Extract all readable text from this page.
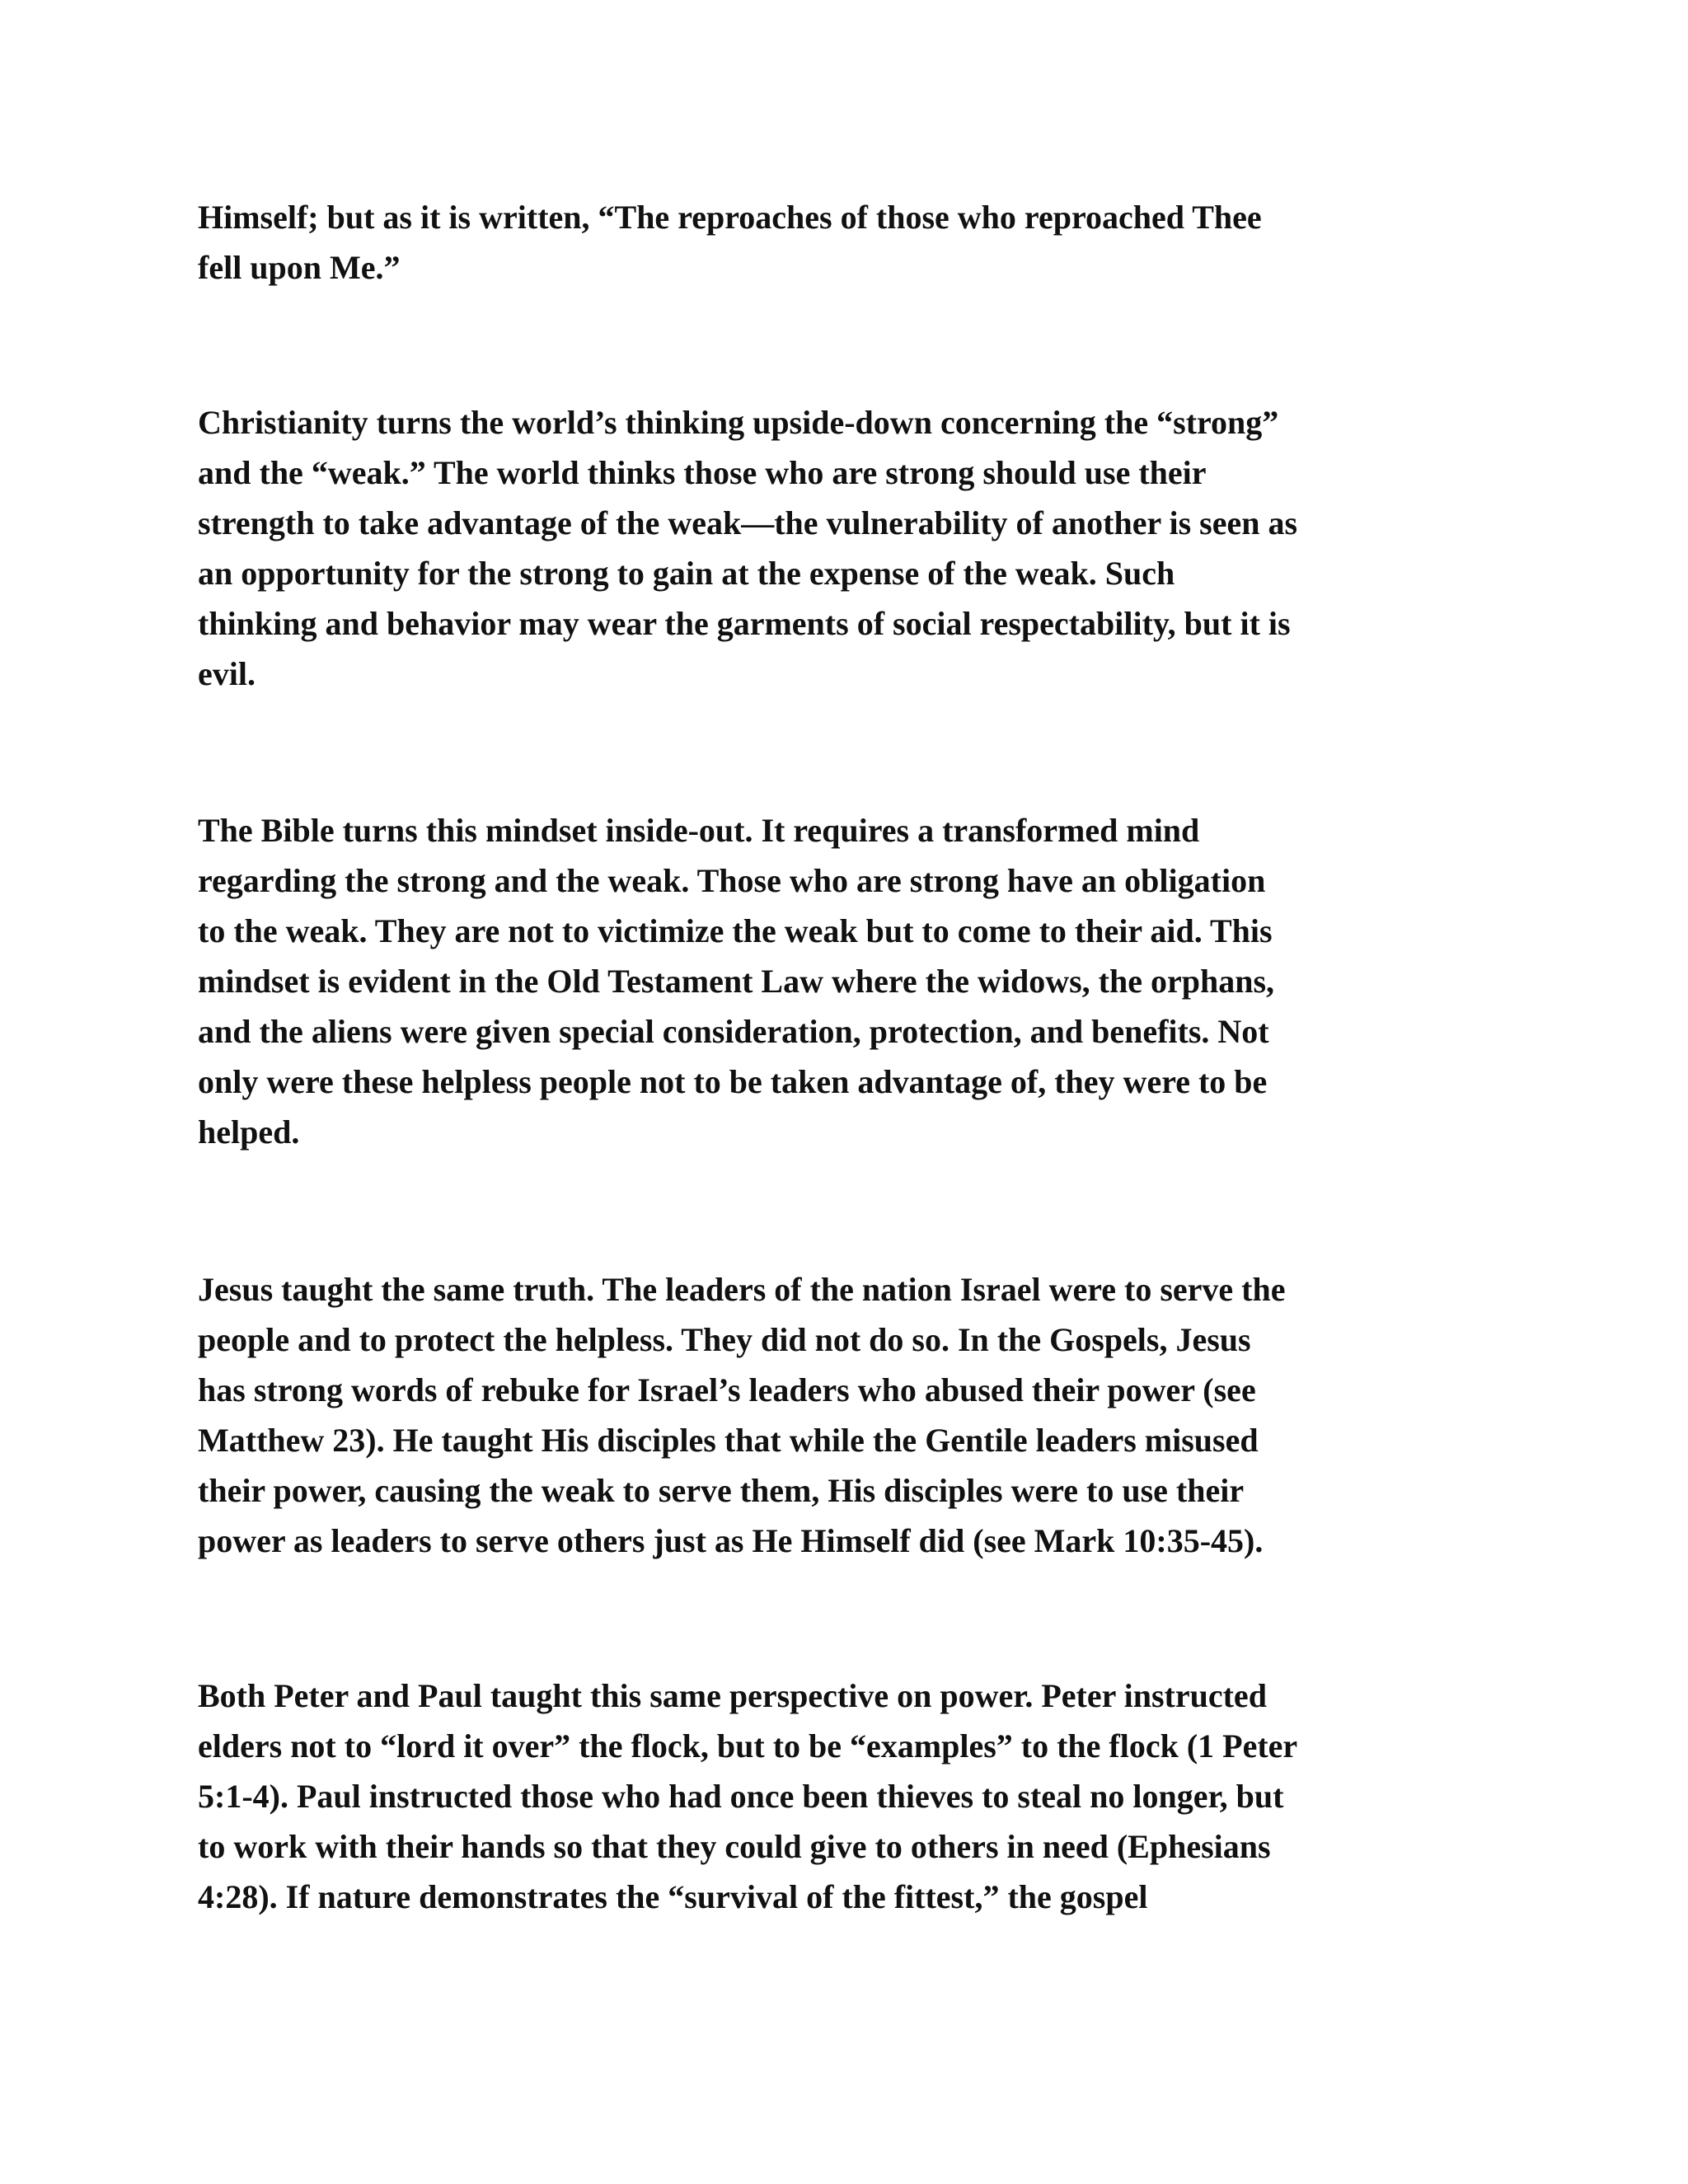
Himself; but as it is written, “The reproaches of those who reproached Thee
fell upon Me.”

Christianity turns the world’s thinking upside-down concerning the “strong”
and the “weak.” The world thinks those who are strong should use their
strength to take advantage of the weak—the vulnerability of another is seen as
an opportunity for the strong to gain at the expense of the weak. Such
thinking and behavior may wear the garments of social respectability, but it is
evil.

The Bible turns this mindset inside-out. It requires a transformed mind
regarding the strong and the weak. Those who are strong have an obligation
to the weak. They are not to victimize the weak but to come to their aid. This
mindset is evident in the Old Testament Law where the widows, the orphans,
and the aliens were given special consideration, protection, and benefits. Not
only were these helpless people not to be taken advantage of, they were to be
helped.

Jesus taught the same truth. The leaders of the nation Israel were to serve the
people and to protect the helpless. They did not do so. In the Gospels, Jesus
has strong words of rebuke for Israel’s leaders who abused their power (see
Matthew 23). He taught His disciples that while the Gentile leaders misused
their power, causing the weak to serve them, His disciples were to use their
power as leaders to serve others just as He Himself did (see Mark 10:35-45).

Both Peter and Paul taught this same perspective on power. Peter instructed
elders not to “lord it over” the flock, but to be “examples” to the flock (1 Peter
5:1-4). Paul instructed those who had once been thieves to steal no longer, but
to work with their hands so that they could give to others in need (Ephesians
4:28). If nature demonstrates the “survival of the fittest,” the gospel
